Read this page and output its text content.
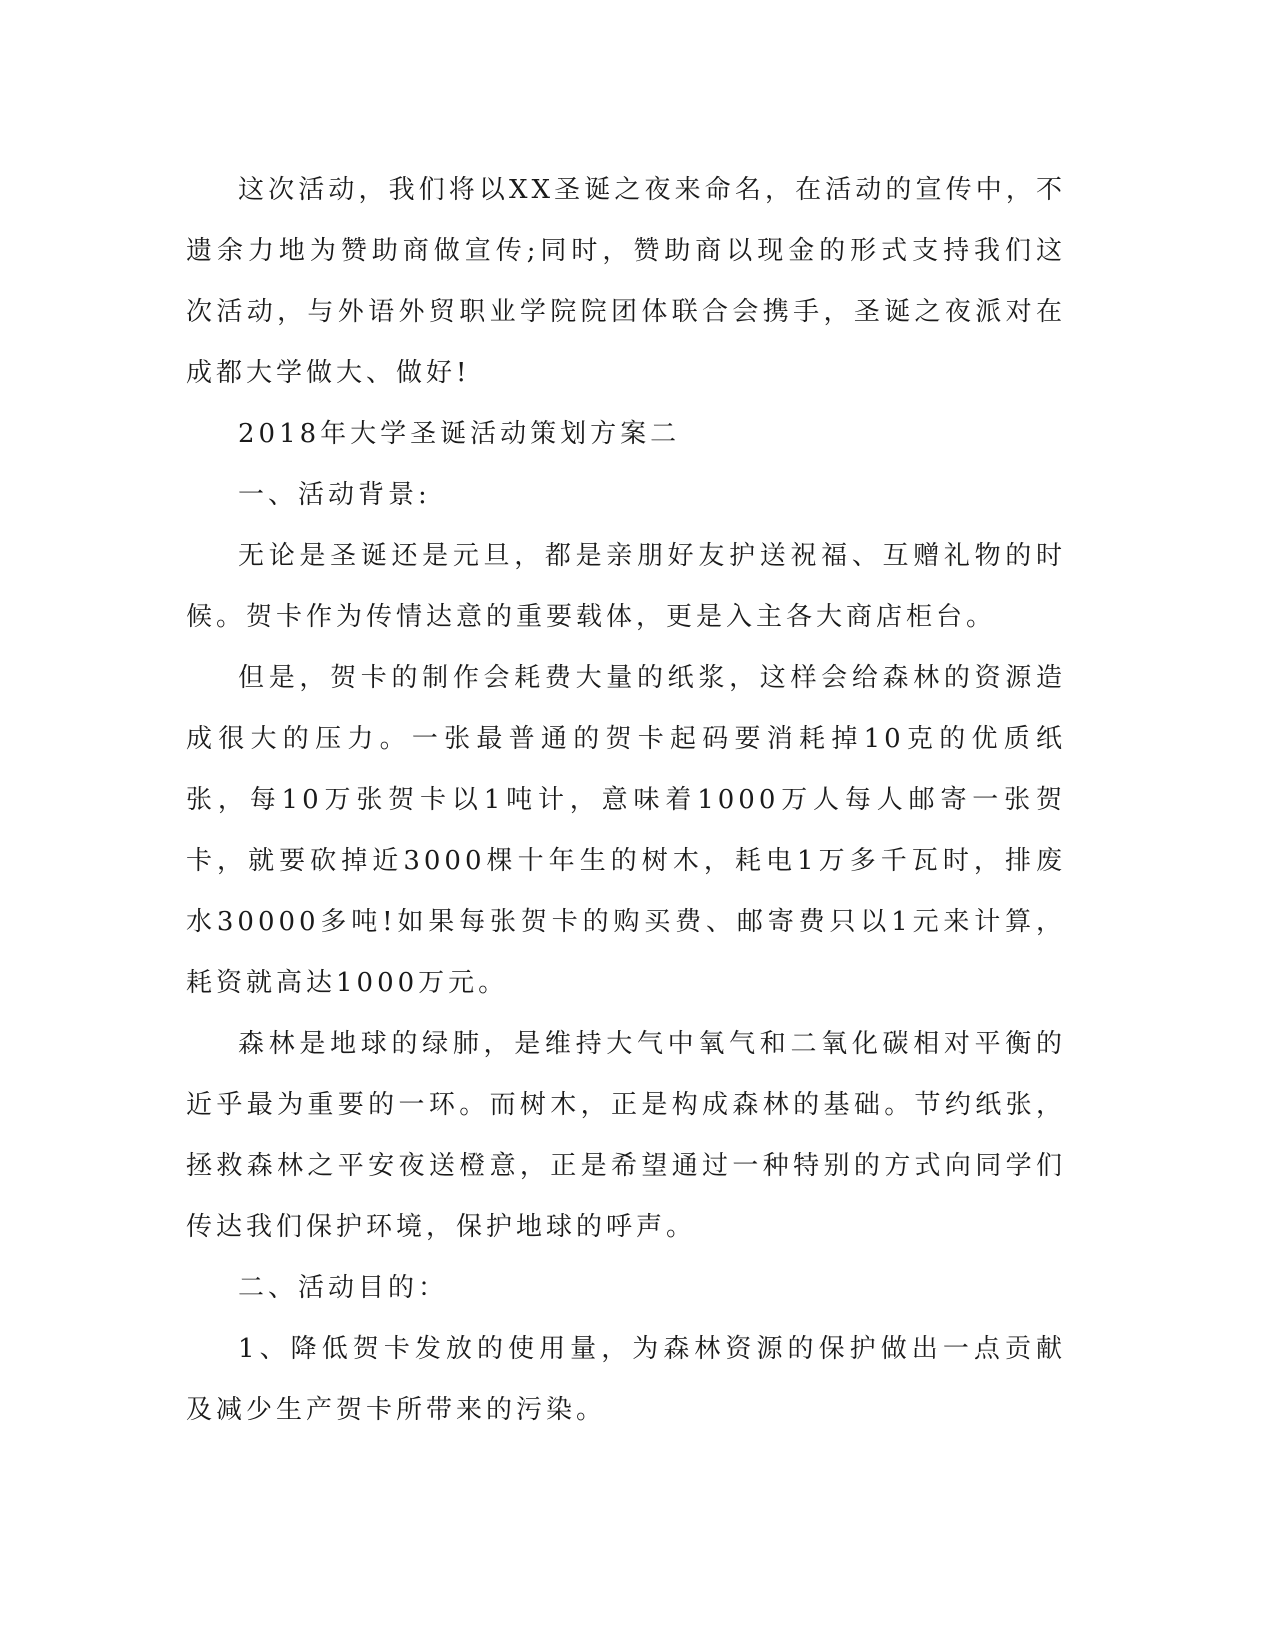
这次活动，我们将以XX圣诞之夜来命名，在活动的宣传中，不遗余力地为赞助商做宣传;同时，赞助商以现金的形式支持我们这次活动，与外语外贸职业学院院团体联合会携手，圣诞之夜派对在成都大学做大、做好!

2018年大学圣诞活动策划方案二

一、活动背景:

无论是圣诞还是元旦，都是亲朋好友护送祝福、互赠礼物的时候。贺卡作为传情达意的重要载体，更是入主各大商店柜台。

但是，贺卡的制作会耗费大量的纸浆，这样会给森林的资源造成很大的压力。一张最普通的贺卡起码要消耗掉10克的优质纸张，每10万张贺卡以1吨计，意味着1000万人每人邮寄一张贺卡，就要砍掉近3000棵十年生的树木，耗电1万多千瓦时，排废水30000多吨!如果每张贺卡的购买费、邮寄费只以1元来计算，耗资就高达1000万元。

森林是地球的绿肺，是维持大气中氧气和二氧化碳相对平衡的近乎最为重要的一环。而树木，正是构成森林的基础。节约纸张，拯救森林之平安夜送橙意，正是希望通过一种特别的方式向同学们传达我们保护环境，保护地球的呼声。

二、活动目的：

1、降低贺卡发放的使用量，为森林资源的保护做出一点贡献及减少生产贺卡所带来的污染。
